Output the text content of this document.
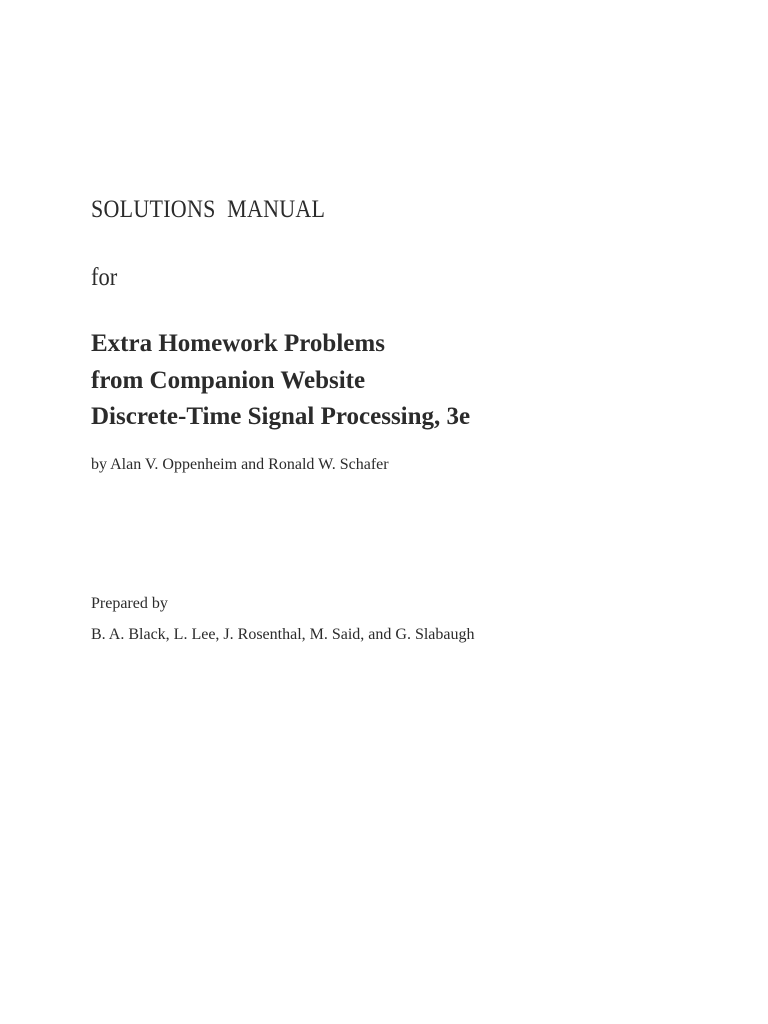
SOLUTIONS  MANUAL
for
Extra Homework Problems
from Companion Website
Discrete-Time Signal Processing, 3e
by Alan V. Oppenheim and Ronald W. Schafer
Prepared by
B. A. Black, L. Lee, J. Rosenthal, M. Said, and G. Slabaugh
